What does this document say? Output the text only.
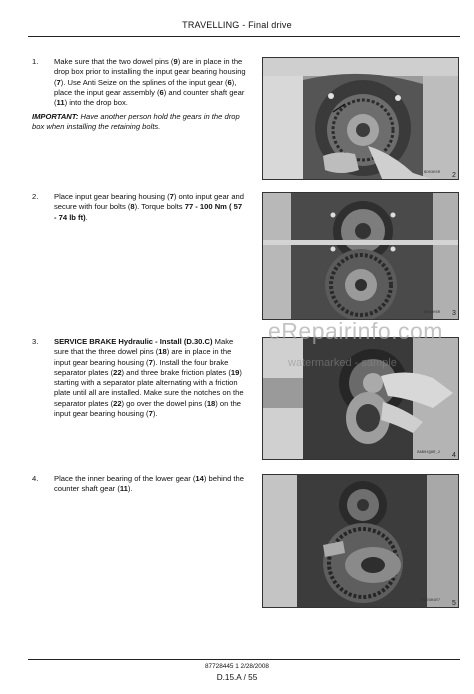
TRAVELLING - Final drive
1. Make sure that the two dowel pins (9) are in place in the drop box prior to installing the input gear bearing housing (7). Use Anti Seize on the splines of the input gear (6), place the input gear assembly (6) and counter shaft gear (11) into the drop box.
IMPORTANT: Have another person hold the gears in the drop box when installing the retaining bolts.
BD03H5R 2
2. Place input gear bearing housing (7) onto input gear and secure with four bolts (8). Torque bolts 77 - 100 Nm ( 57 - 74 lb ft).
BD03H6R 3
3. SERVICE BRAKE Hydraulic - Install (D.30.C) Make sure that the three dowel pins (18) are in place in the input gear bearing housing (7). Install the four brake separator plates (22) and three brake friction plates (19) starting with a separator plate alternating with a friction plate until all are installed. Make sure the notches on the separator plates (22) go over the dowel pins (18) on the input gear bearing housing (7).
BAB04Q8R_2 4
4. Place the inner bearing of the lower gear (14) behind the counter shaft gear (11).
BD03H1R7 5
eRepairinfo.com
watermarked - sample
87728445 1 2/28/2008
D.15.A / 55
